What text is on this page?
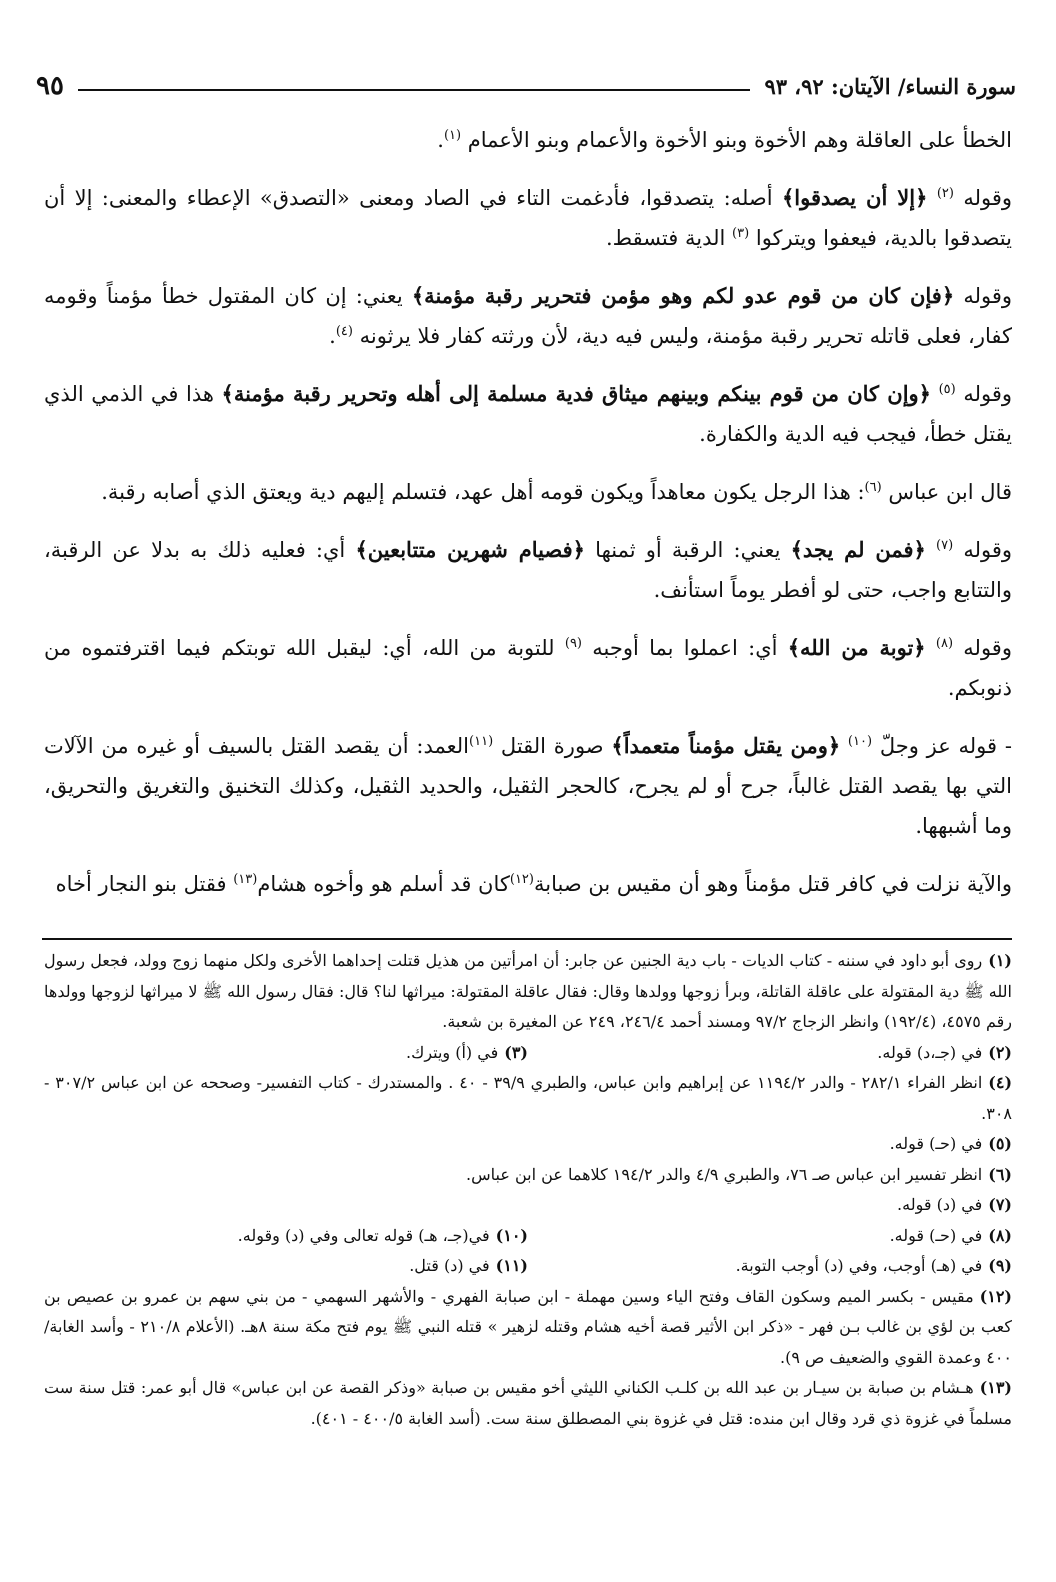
سورة النساء/ الآيتان: ٩٢، ٩٣
٩٥

الخطأ على العاقلة وهم الأخوة وبنو الأخوة والأعمام وبنو الأعمام $^{(١)}$.

وقوله $^{(٢)}$ ﴿إلا أن يصدقوا﴾ أصله: يتصدقوا، فأدغمت التاء في الصاد ومعنى «التصدق» الإعطاء والمعنى: إلا أن يتصدقوا بالدية، فيعفوا ويتركوا $^{(٣)}$ الدية فتسقط.

وقوله ﴿فإن كان من قوم عدو لكم وهو مؤمن فتحرير رقبة مؤمنة﴾ يعني: إن كان المقتول خطأ مؤمناً وقومه كفار، فعلى قاتله تحرير رقبة مؤمنة، وليس فيه دية، لأن ورثته كفار فلا يرثونه $^{(٤)}$.

وقوله $^{(٥)}$ ﴿وإن كان من قوم بينكم وبينهم ميثاق فدية مسلمة إلى أهله وتحرير رقبة مؤمنة﴾ هذا في الذمي الذي يقتل خطأ، فيجب فيه الدية والكفارة.

قال ابن عباس $^{(٦)}$: هذا الرجل يكون معاهداً ويكون قومه أهل عهد، فتسلم إليهم دية ويعتق الذي أصابه رقبة.

وقوله $^{(٧)}$ ﴿فمن لم يجد﴾ يعني: الرقبة أو ثمنها ﴿فصيام شهرين متتابعين﴾ أي: فعليه ذلك به بدلا عن الرقبة، والتتابع واجب، حتى لو أفطر يوماً استأنف.

وقوله $^{(٨)}$ ﴿توبة من الله﴾ أي: اعملوا بما أوجبه $^{(٩)}$ للتوبة من الله، أي: ليقبل الله توبتكم فيما اقترفتموه من ذنوبكم.

- قوله عز وجلّ $^{(١٠)}$ ﴿ومن يقتل مؤمناً متعمداً﴾ صورة القتل $^{(١١)}$العمد: أن يقصد القتل بالسيف أو غيره من الآلات التي بها يقصد القتل غالباً، جرح أو لم يجرح، كالحجر الثقيل، والحديد الثقيل، وكذلك التخنيق والتغريق والتحريق، وما أشبهها.

والآية نزلت في كافر قتل مؤمناً وهو أن مقيس بن صبابة$^{(١٢)}$كان قد أسلم هو وأخوه هشام$^{(١٣)}$ فقتل بنو النجار أخاه

(١)روى أبو داود في سننه - كتاب الديات - باب دية الجنين عن جابر: أن امرأتين من هذيل قتلت إحداهما الأخرى ولكل منهما زوج وولد، فجعل رسول الله ﷺ دية المقتولة على عاقلة القاتلة، وبرأ زوجها وولدها وقال: فقال عاقلة المقتولة: ميراثها لنا؟ قال: فقال رسول الله ﷺ لا ميراثها لزوجها وولدها رقم ٤٥٧٥، (١٩٢/٤) وانظر الزجاج ٩٧/٢ ومسند أحمد ٢٤٦/٤، ٢٤٩ عن المغيرة بن شعبة.

(٢)في (جـ،د) قوله.

(٣)في (أ) ويترك.

(٤)انظر الفراء ٢٨٢/١ - والدر ١١٩٤/٢ عن إبراهيم وابن عباس، والطبري ٣٩/٩ - ٤٠ . والمستدرك - كتاب التفسير- وصححه عن ابن عباس ٣٠٧/٢ - ٣٠٨.

(٥)في (حـ) قوله.

(٦)انظر تفسير ابن عباس صـ ٧٦، والطبري ٤/٩ والدر ١٩٤/٢ كلاهما عن ابن عباس.

(٧)في (د) قوله.

(٨)في (حـ) قوله.

(١٠)في(جـ، هـ) قوله تعالى وفي (د) وقوله.

(٩)في (هـ) أوجب، وفي (د) أوجب التوبة.

(١١)في (د) قتل.

(١٢)مقيس - بكسر الميم وسكون القاف وفتح الياء وسين مهملة - ابن صبابة الفهري - والأشهر السهمي - من بني سهم بن عمرو بن عصيص بن كعب بن لؤي بن غالب بـن فهر - «ذكر ابن الأثير قصة أخيه هشام وقتله لزهير » قتله النبي ﷺ يوم فتح مكة سنة ٨هـ. (الأعلام ٢١٠/٨ - وأسد الغابة/ ٤٠٠ وعمدة القوي والضعيف ص ٩).

(١٣)هـشام بن صبابة بن سيـار بن عبد الله بن كلـب الكناني الليثي أخو مقيس بن صبابة «وذكر القصة عن ابن عباس» قال أبو عمر: قتل سنة ست مسلماً في غزوة ذي قرد وقال ابن منده: قتل في غزوة بني المصطلق سنة ست. (أسد الغابة ٤٠٠/٥ - ٤٠١).
